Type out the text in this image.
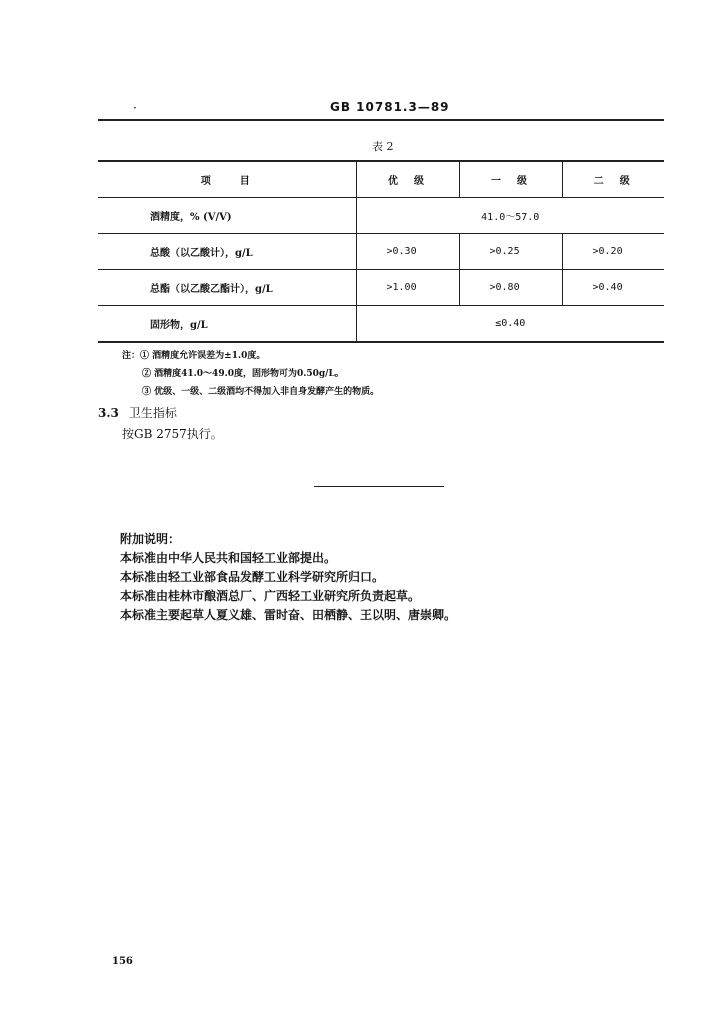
·	GB 10781.3—89
表 2
项　　目	优　级	一　级	二　级
酒精度，% (V/V)	41.0～57.0		
总酸（以乙酸计），g/L	>0.30	>0.25	>0.20
总酯（以乙酸乙酯计），g/L	>1.00	>0.80	>0.40
固形物，g/L	≤0.40		
注：① 酒精度允许误差为±1.0度。
② 酒精度41.0～49.0度，固形物可为0.50g/L。
③ 优级、一级、二级酒均不得加入非自身发酵产生的物质。
3.3 卫生指标
按GB 2757执行。
附加说明：
本标准由中华人民共和国轻工业部提出。
本标准由轻工业部食品发酵工业科学研究所归口。
本标准由桂林市酿酒总厂、广西轻工业研究所负责起草。
本标准主要起草人夏义雄、雷时奋、田栖静、王以明、唐崇卿。
156
